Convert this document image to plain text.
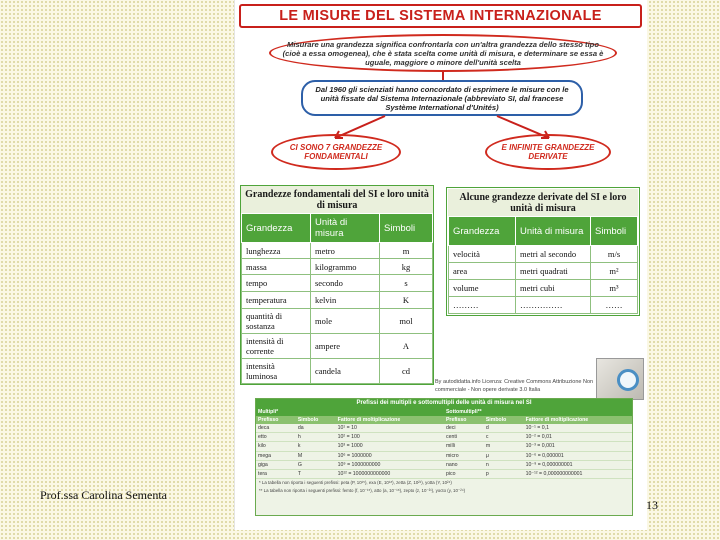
LE MISURE DEL SISTEMA INTERNAZIONALE
Misurare una grandezza significa confrontarla con un'altra grandezza dello stesso tipo (cioè a essa omogenea), che è stata scelta come unità di misura, e determinare se essa è uguale, maggiore o minore dell'unità scelta
Dal 1960 gli scienziati hanno concordato di esprimere le misure con le unità fissate dal Sistema Internazionale (abbreviato SI, dal francese Système International d'Unités)
CI SONO 7 GRANDEZZE FONDAMENTALI
E INFINITE GRANDEZZE DERIVATE
Grandezze fondamentali del SI e loro unità di misura
Grandezza	Unità di misura	Simboli
lunghezza	metro	m
massa	kilogrammo	kg
tempo	secondo	s
temperatura	kelvin	K
quantità di sostanza	mole	mol
intensità di corrente	ampere	A
intensità luminosa	candela	cd
Alcune grandezze derivate del SI e loro unità di misura
Grandezza	Unità di misura	Simboli
velocità	metri al secondo	m/s
area	metri quadrati	m²
volume	metri cubi	m³
………	……………	……
By autodidatta.info Licenza: Creative Commons Attribuzione Non commerciale - Non opere derivate 3.0 Italia
Prefissi dei multipli e sottomultipli delle unità di misura nel SI
Multipli*			Sottomultipli**		
Prefisso	Simbolo	Fattore di moltiplicazione	Prefisso	Simbolo	Fattore di moltiplicazione
deca	da	10¹ = 10	deci	d	10⁻¹ = 0,1
etto	h	10² = 100	centi	c	10⁻² = 0,01
kilo	k	10³ = 1000	milli	m	10⁻³ = 0,001
mega	M	10⁶ = 1000000	micro	μ	10⁻⁶ = 0,000001
giga	G	10⁹ = 1000000000	nano	n	10⁻⁹ = 0,000000001
tera	T	10¹² = 1000000000000	pico	p	10⁻¹² = 0,000000000001
* La tabella non riporta i seguenti prefissi: peta (P, 10¹⁵), exa (E, 10¹⁸), zetta (Z, 10²¹), yotta (Y, 10²⁴)
** La tabella non riporta i seguenti prefissi: femto (f, 10⁻¹⁵), atto (a, 10⁻¹⁸), zepto (z, 10⁻²¹), yocto (y, 10⁻²⁴)
Prof.ssa Carolina Sementa
13
